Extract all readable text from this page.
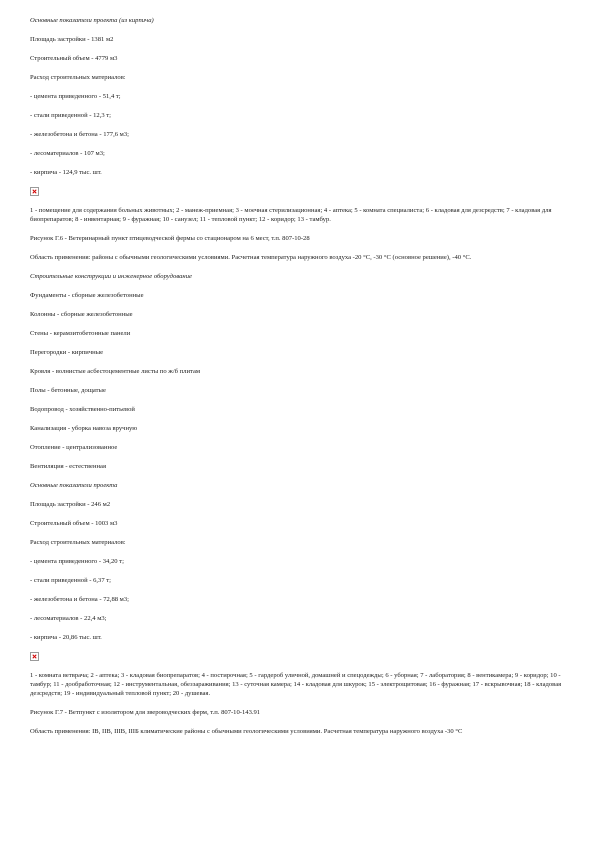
Основные показатели проекта (из кирпича)
Площадь застройки - 1381 м2
Строительный объем - 4779 м3
Расход строительных материалов:
- цемента приведенного - 51,4 т;
- стали приведенной - 12,3 т;
- железобетона и бетона - 177,6 м3;
- лесоматериалов - 107 м3;
- кирпича - 124,9 тыс. шт.
1 - помещение для содержания больных животных; 2 - манеж-приемная; 3 - моечная стерилизационная; 4 - аптека; 5 - комната специалиста; 6 - кладовая для дезсредств; 7 - кладовая для биопрепаратов; 8 - инвентарная; 9 - фуражная; 10 - санузел; 11 - тепловой пункт; 12 - коридор; 13 - тамбур.
Рисунок Г.6 - Ветеринарный пункт птицеводческой фермы со стационаром на 6 мест, т.п. 807-10-28
Область применения: районы с обычными геологическими условиями. Расчетная температура наружного воздуха -20 °С, -30 °С (основное решение), -40 °С.
Строительные конструкции и инженерное оборудование
Фундаменты - сборные железобетонные
Колонны - сборные железобетонные
Стены - керамзитобетонные панели
Перегородки - кирпичные
Кровля - волнистые асбестоцементные листы по ж/б плитам
Полы - бетонные, дощатые
Водопровод - хозяйственно-питьевой
Канализация - уборка навоза вручную
Отопление - централизованное
Вентиляция - естественная
Основные показатели проекта
Площадь застройки - 246 м2
Строительный объем - 1003 м3
Расход строительных материалов:
- цемента приведенного - 34,20 т;
- стали приведенной - 6,37 т;
- железобетона и бетона - 72,88 м3;
- лесоматериалов - 22,4 м3;
- кирпича - 20,86 тыс. шт.
1 - комната ветврача; 2 - аптека; 3 - кладовая биопрепаратов; 4 - постирочная; 5 - гардероб уличной, домашней и спецодежды; 6 - уборная; 7 - лаборатория; 8 - вентикамера; 9 - коридор; 10 - тамбур; 11 - дообработочная; 12 - инструментальная, обеззараживания; 13 - суточная камера; 14 - кладовая для шкурок; 15 - электрощитовая; 16 - фуражная; 17 - вскрывочная; 18 - кладовая дезсредств; 19 - индивидуальный тепловой пункт; 20 - душевая.
Рисунок Г.7 - Ветпункт с изолятором для звероводческих ферм, т.п. 807-10-143.91
Область применения: IВ, IIВ, IIIВ, IIIБ климатические районы с обычными геологическими условиями. Расчетная температура наружного воздуха -30 °С
